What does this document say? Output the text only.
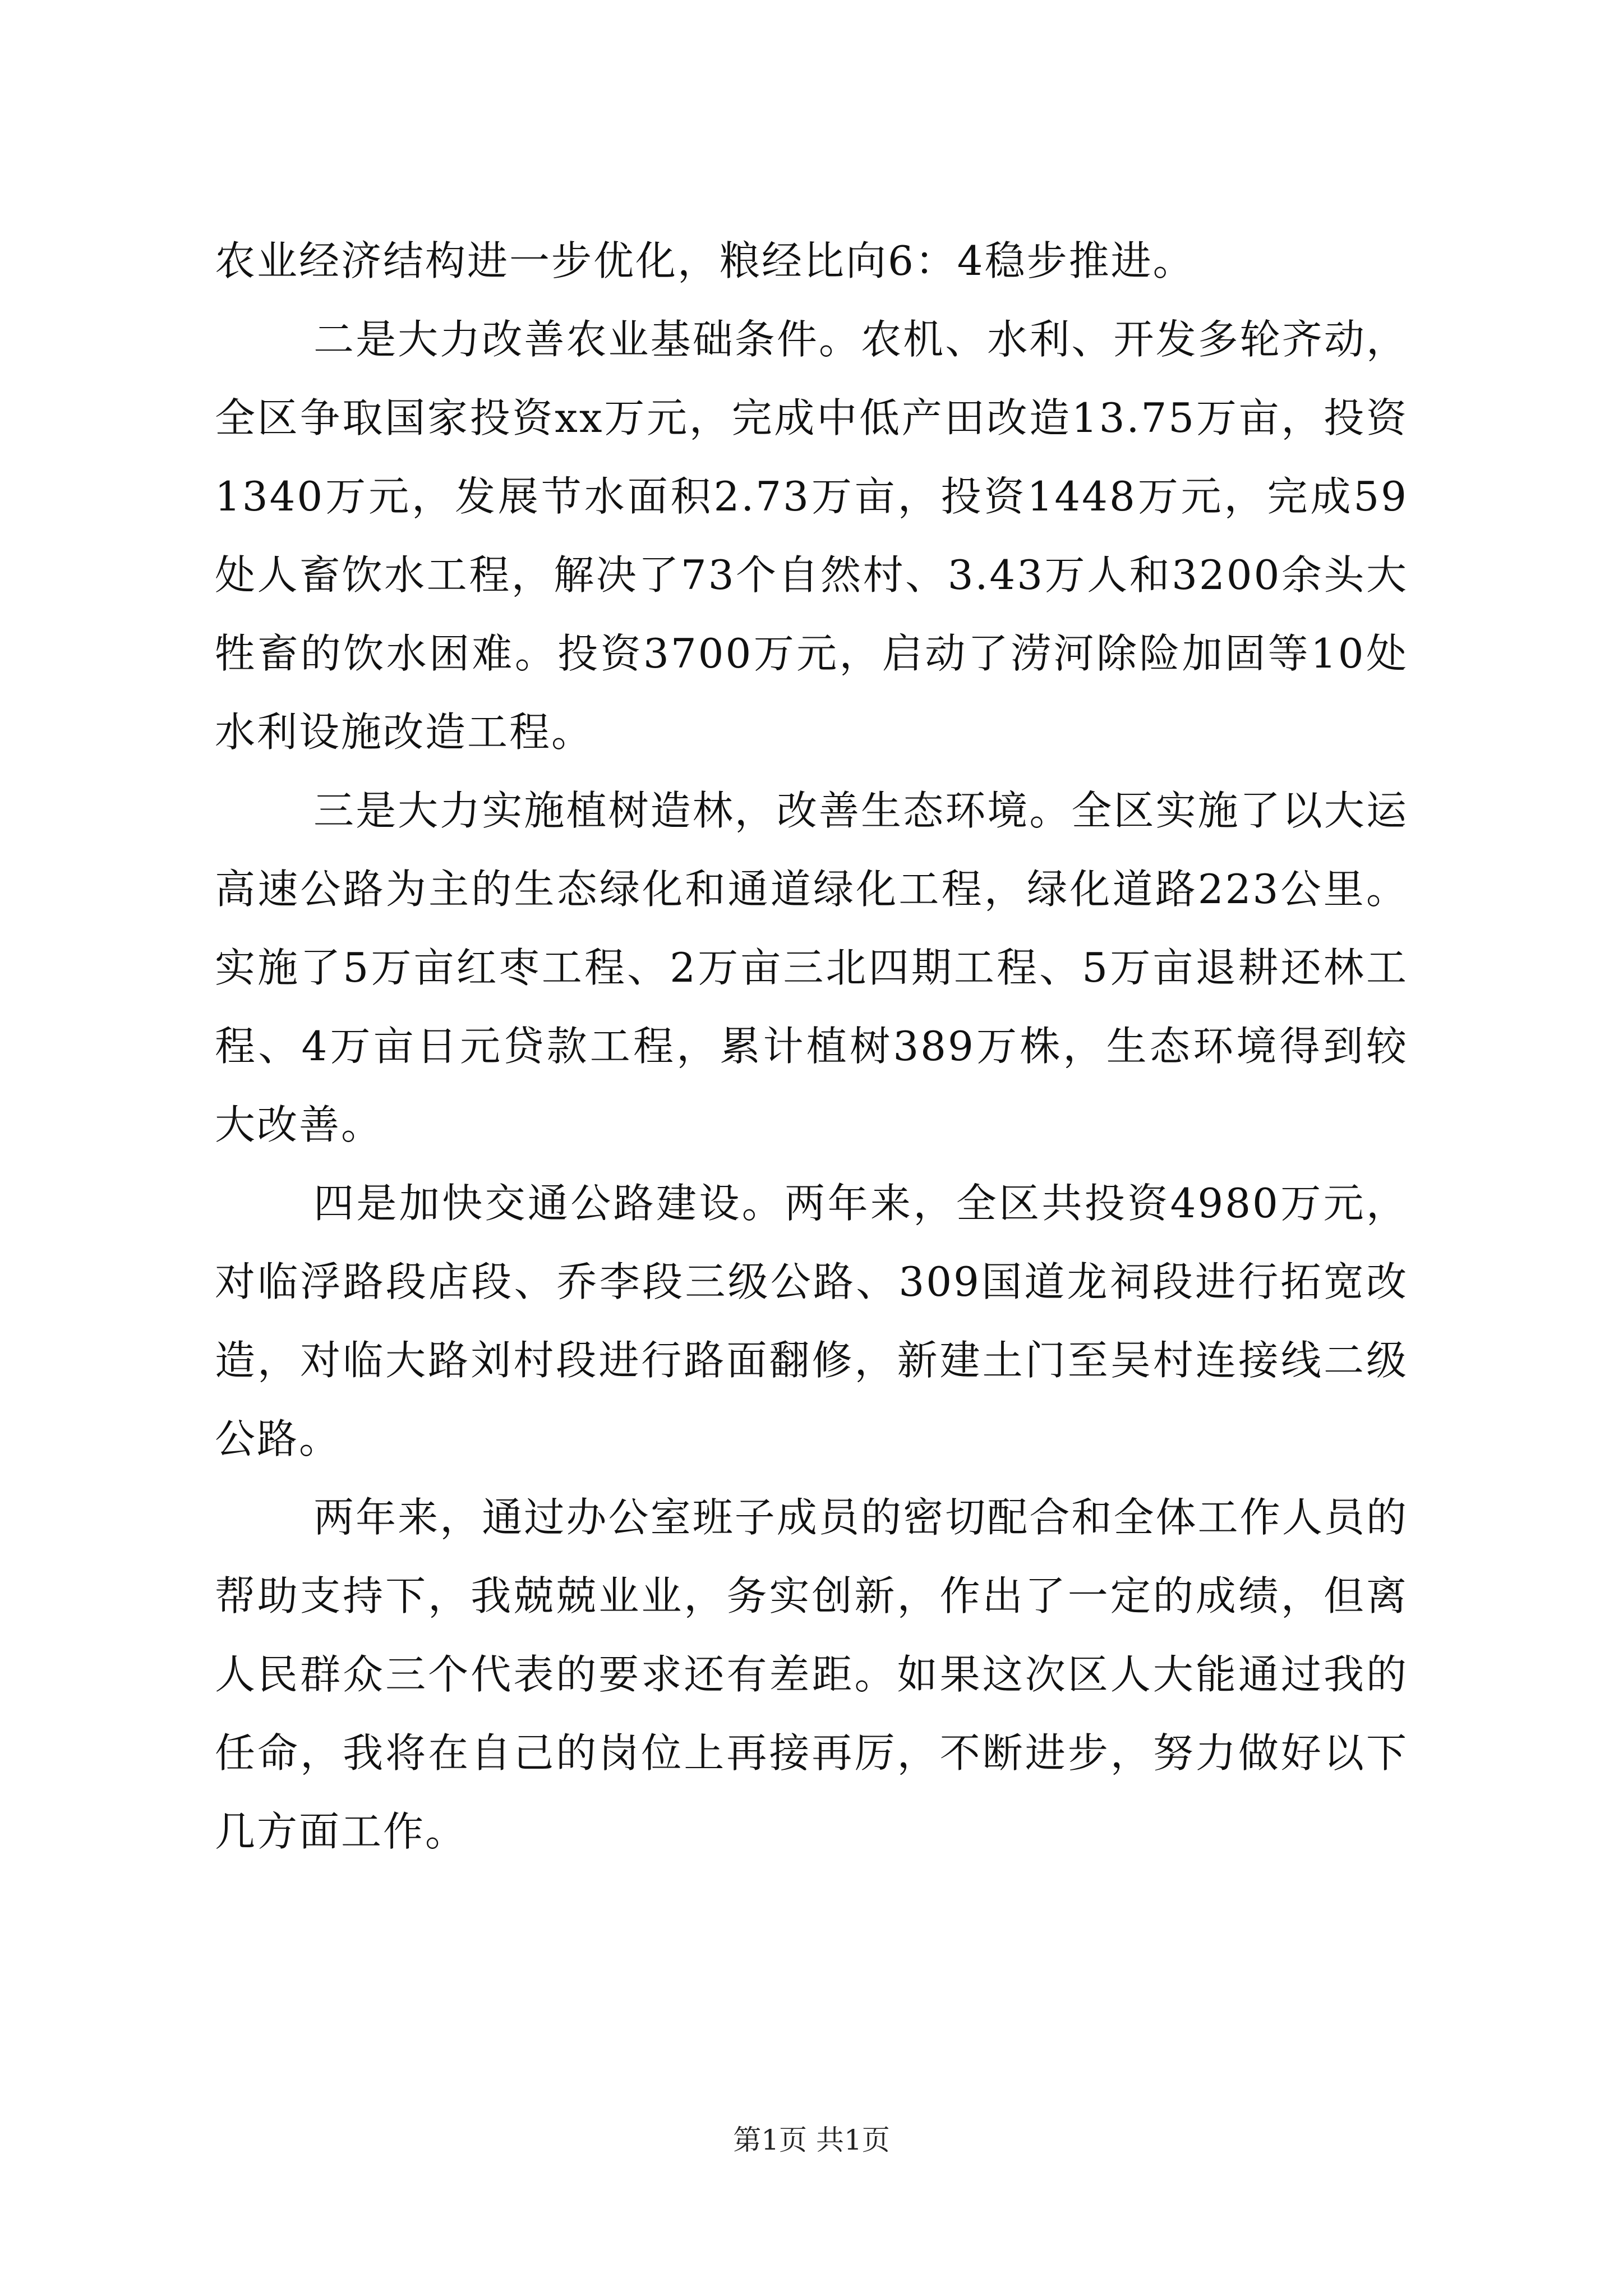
农业经济结构进一步优化，粮经比向6：4稳步推进。

二是大力改善农业基础条件。农机、水利、开发多轮齐动，全区争取国家投资xx万元，完成中低产田改造13.75万亩，投资1340万元，发展节水面积2.73万亩，投资1448万元，完成59处人畜饮水工程，解决了73个自然村、3.43万人和3200余头大牲畜的饮水困难。投资3700万元，启动了涝河除险加固等10处水利设施改造工程。

三是大力实施植树造林，改善生态环境。全区实施了以大运高速公路为主的生态绿化和通道绿化工程，绿化道路223公里。实施了5万亩红枣工程、2万亩三北四期工程、5万亩退耕还林工程、4万亩日元贷款工程，累计植树389万株，生态环境得到较大改善。

四是加快交通公路建设。两年来，全区共投资4980万元，对临浮路段店段、乔李段三级公路、309国道龙祠段进行拓宽改造，对临大路刘村段进行路面翻修，新建土门至吴村连接线二级公路。

两年来，通过办公室班子成员的密切配合和全体工作人员的帮助支持下，我兢兢业业，务实创新，作出了一定的成绩，但离人民群众三个代表的要求还有差距。如果这次区人大能通过我的任命，我将在自己的岗位上再接再厉，不断进步，努力做好以下几方面工作。

第1页 共1页
